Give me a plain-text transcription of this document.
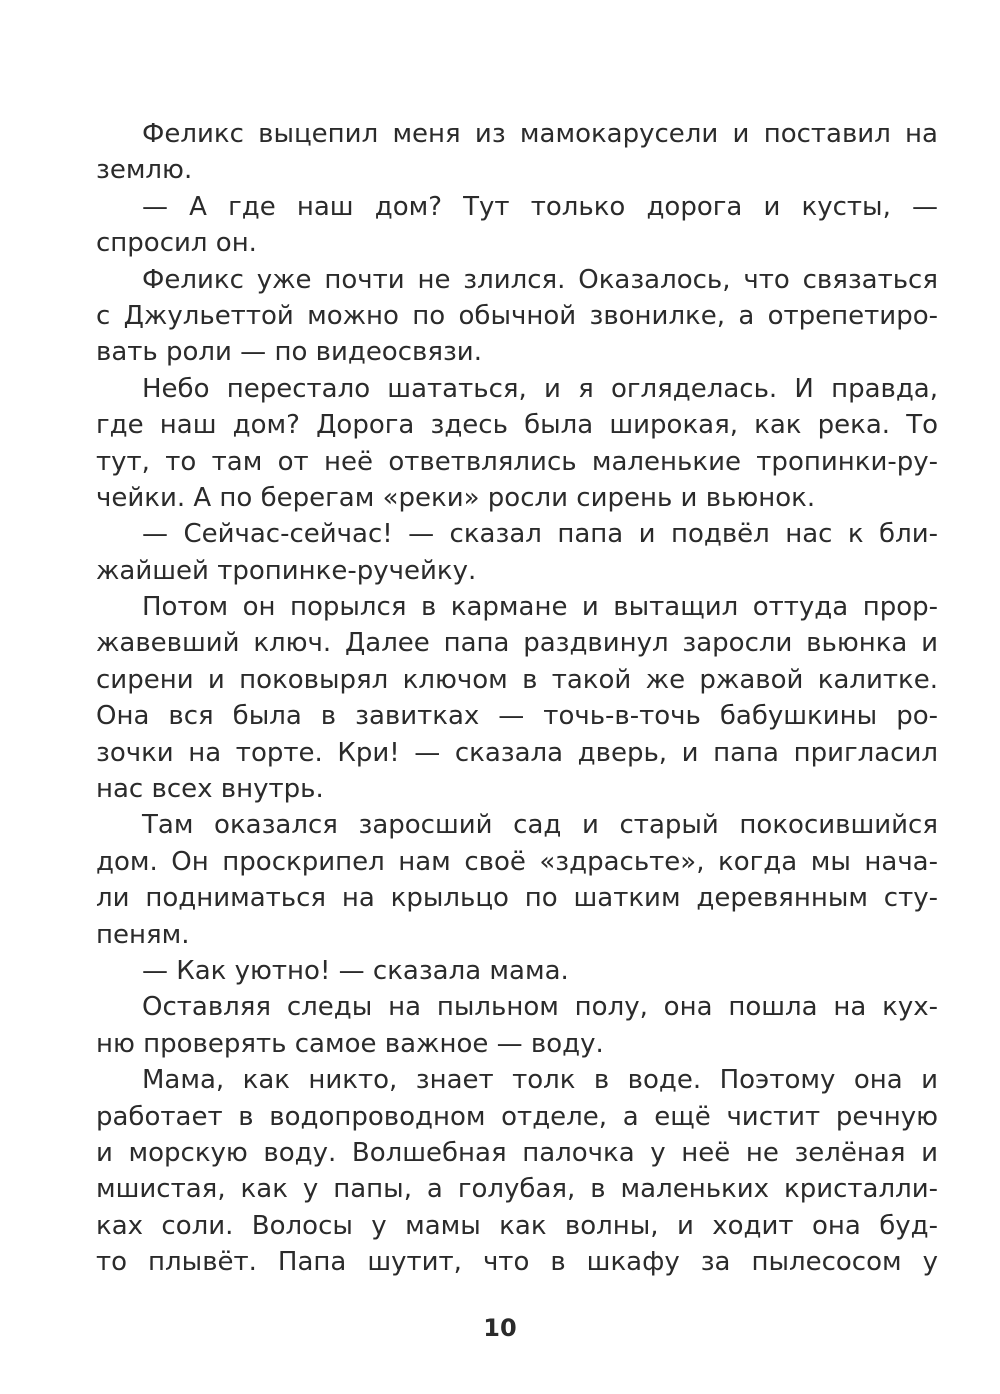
Феликс выцепил меня из мамокарусели и поставил на
землю.
— А где наш дом? Тут только дорога и кусты, —
спросил он.
Феликс уже почти не злился. Оказалось, что связаться
с Джульеттой можно по обычной звонилке, а отрепетиро-
вать роли — по видеосвязи.
Небо перестало шататься, и я огляделась. И правда,
где наш дом? Дорога здесь была широкая, как река. То
тут, то там от неё ответвлялись маленькие тропинки-ру-
чейки. А по берегам «реки» росли сирень и вьюнок.
— Сейчас-сейчас! — сказал папа и подвёл нас к бли-
жайшей тропинке-ручейку.
Потом он порылся в кармане и вытащил оттуда прор-
жавевший ключ. Далее папа раздвинул заросли вьюнка и
сирени и поковырял ключом в такой же ржавой калитке.
Она вся была в завитках — точь-в-точь бабушкины ро-
зочки на торте. Кри! — сказала дверь, и папа пригласил
нас всех внутрь.
Там оказался заросший сад и старый покосившийся
дом. Он проскрипел нам своё «здрасьте», когда мы нача-
ли подниматься на крыльцо по шатким деревянным сту-
пеням.
— Как уютно! — сказала мама.
Оставляя следы на пыльном полу, она пошла на кух-
ню проверять самое важное — воду.
Мама, как никто, знает толк в воде. Поэтому она и
работает в водопроводном отделе, а ещё чистит речную
и морскую воду. Волшебная палочка у неё не зелёная и
мшистая, как у папы, а голубая, в маленьких кристалли-
ках соли. Волосы у мамы как волны, и ходит она буд-
то плывёт. Папа шутит, что в шкафу за пылесосом у
10
